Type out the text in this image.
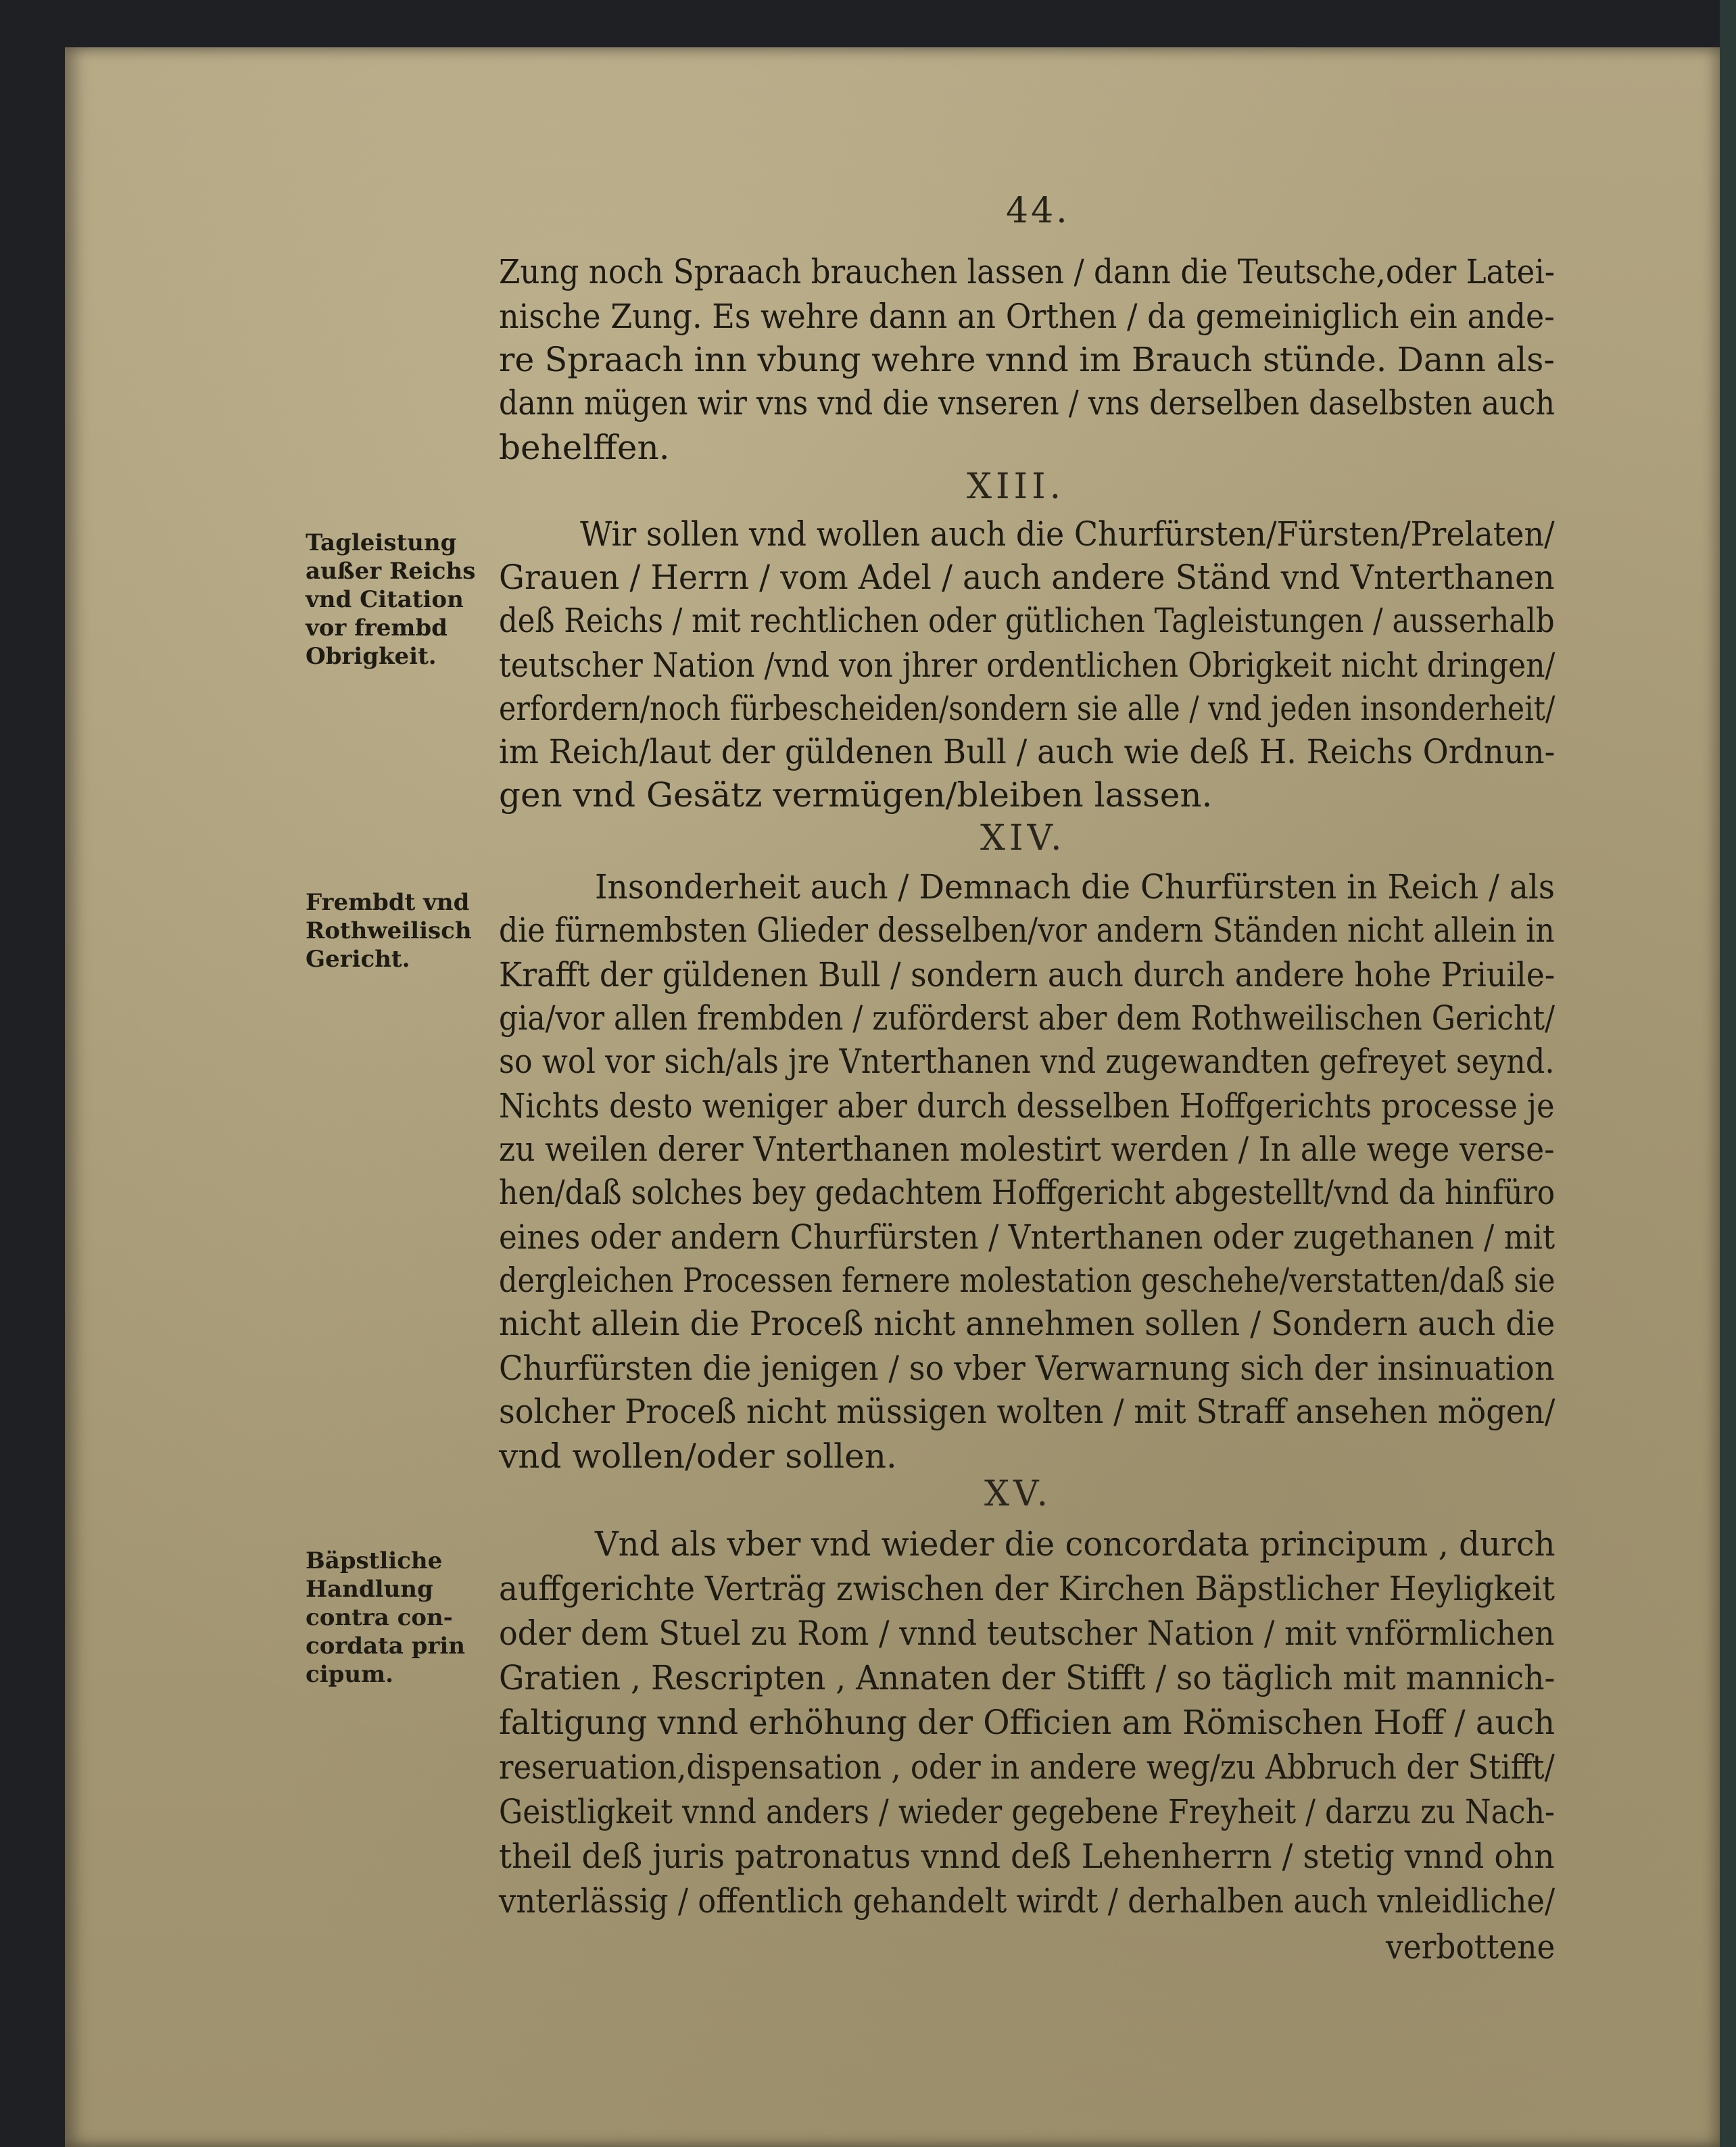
44.
Zung noch Spraach brauchen lassen / dann die Teutsche,oder Latei-
nische Zung. Es wehre dann an Orthen / da gemeiniglich ein ande-
re Spraach inn vbung wehre vnnd im Brauch stünde. Dann als-
dann mügen wir vns vnd die vnseren / vns derselben daselbsten auch
behelffen.
XIII.
Wir sollen vnd wollen auch die Churfürsten/Fürsten/Prelaten/
Grauen / Herrn / vom Adel / auch andere Ständ vnd Vnterthanen
deß Reichs / mit rechtlichen oder gütlichen Tagleistungen / ausserhalb
teutscher Nation /vnd von jhrer ordentlichen Obrigkeit nicht dringen/
erfordern/noch fürbescheiden/sondern sie alle / vnd jeden insonderheit/
im Reich/laut der güldenen Bull / auch wie deß H. Reichs Ordnun-
gen vnd Gesätz vermügen/bleiben lassen.
XIV.
Insonderheit auch / Demnach die Churfürsten in Reich / als
die fürnembsten Glieder desselben/vor andern Ständen nicht allein in
Krafft der güldenen Bull / sondern auch durch andere hohe Priuile-
gia/vor allen frembden / zuförderst aber dem Rothweilischen Gericht/
so wol vor sich/als jre Vnterthanen vnd zugewandten gefreyet seynd.
Nichts desto weniger aber durch desselben Hoffgerichts processe je
zu weilen derer Vnterthanen molestirt werden / In alle wege verse-
hen/daß solches bey gedachtem Hoffgericht abgestellt/vnd da hinfüro
eines oder andern Churfürsten / Vnterthanen oder zugethanen / mit
dergleichen Processen fernere molestation geschehe/verstatten/daß sie
nicht allein die Proceß nicht annehmen sollen / Sondern auch die
Churfürsten die jenigen / so vber Verwarnung sich der insinuation
solcher Proceß nicht müssigen wolten / mit Straff ansehen mögen/
vnd wollen/oder sollen.
XV.
Vnd als vber vnd wieder die concordata principum , durch
auffgerichte Verträg zwischen der Kirchen Bäpstlicher Heyligkeit
oder dem Stuel zu Rom / vnnd teutscher Nation / mit vnförmlichen
Gratien , Rescripten , Annaten der Stifft / so täglich mit mannich-
faltigung vnnd erhöhung der Officien am Römischen Hoff / auch
reseruation,dispensation , oder in andere weg/zu Abbruch der Stifft/
Geistligkeit vnnd anders / wieder gegebene Freyheit / darzu zu Nach-
theil deß juris patronatus vnnd deß Lehenherrn / stetig vnnd ohn
vnterlässig / offentlich gehandelt wirdt / derhalben auch vnleidliche/
verbottene
Tagleistung
außer Reichs
vnd Citation
vor frembd
Obrigkeit.
Frembdt vnd
Rothweilisch
Gericht.
Bäpstliche
Handlung
contra con-
cordata prin
cipum.
